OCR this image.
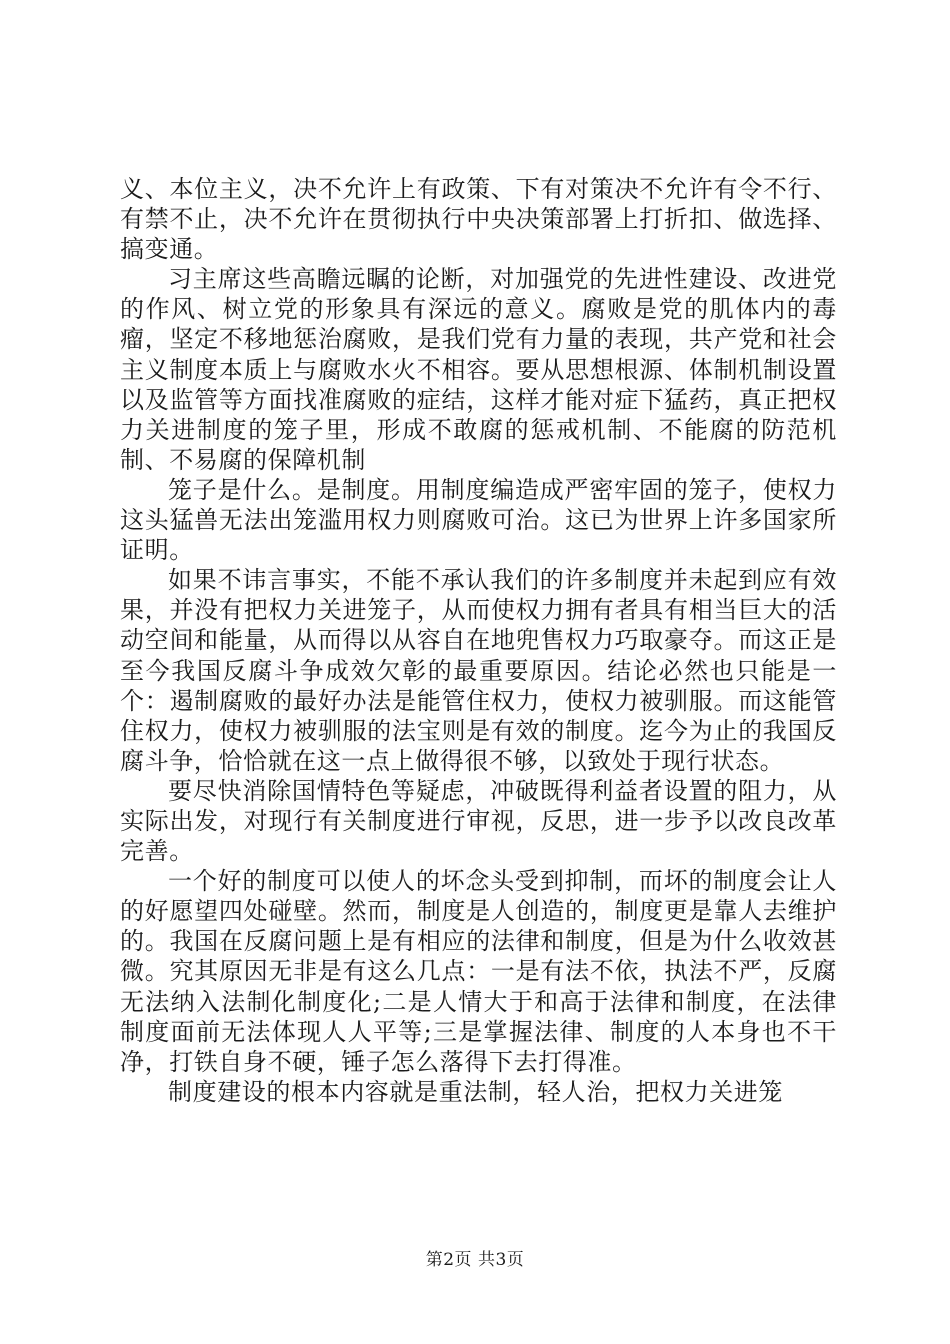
义、本位主义，决不允许上有政策、下有对策决不允许有令不行、有禁不止，决不允许在贯彻执行中央决策部署上打折扣、做选择、搞变通。

习主席这些高瞻远瞩的论断，对加强党的先进性建设、改进党的作风、树立党的形象具有深远的意义。腐败是党的肌体内的毒瘤，坚定不移地惩治腐败，是我们党有力量的表现，共产党和社会主义制度本质上与腐败水火不相容。要从思想根源、体制机制设置以及监管等方面找准腐败的症结，这样才能对症下猛药，真正把权力关进制度的笼子里，形成不敢腐的惩戒机制、不能腐的防范机制、不易腐的保障机制

笼子是什么。是制度。用制度编造成严密牢固的笼子，使权力这头猛兽无法出笼滥用权力则腐败可治。这已为世界上许多国家所证明。

如果不讳言事实，不能不承认我们的许多制度并未起到应有效果，并没有把权力关进笼子，从而使权力拥有者具有相当巨大的活动空间和能量，从而得以从容自在地兜售权力巧取豪夺。而这正是至今我国反腐斗争成效欠彰的最重要原因。结论必然也只能是一个：遏制腐败的最好办法是能管住权力，使权力被驯服。而这能管住权力，使权力被驯服的法宝则是有效的制度。迄今为止的我国反腐斗争，恰恰就在这一点上做得很不够，以致处于现行状态。

要尽快消除国情特色等疑虑，冲破既得利益者设置的阻力，从实际出发，对现行有关制度进行审视，反思，进一步予以改良改革完善。

一个好的制度可以使人的坏念头受到抑制，而坏的制度会让人的好愿望四处碰壁。然而，制度是人创造的，制度更是靠人去维护的。我国在反腐问题上是有相应的法律和制度，但是为什么收效甚微。究其原因无非是有这么几点：一是有法不依，执法不严，反腐无法纳入法制化制度化;二是人情大于和高于法律和制度，在法律制度面前无法体现人人平等;三是掌握法律、制度的人本身也不干净，打铁自身不硬，锤子怎么落得下去打得准。

制度建设的根本内容就是重法制，轻人治，把权力关进笼

第2页 共3页
